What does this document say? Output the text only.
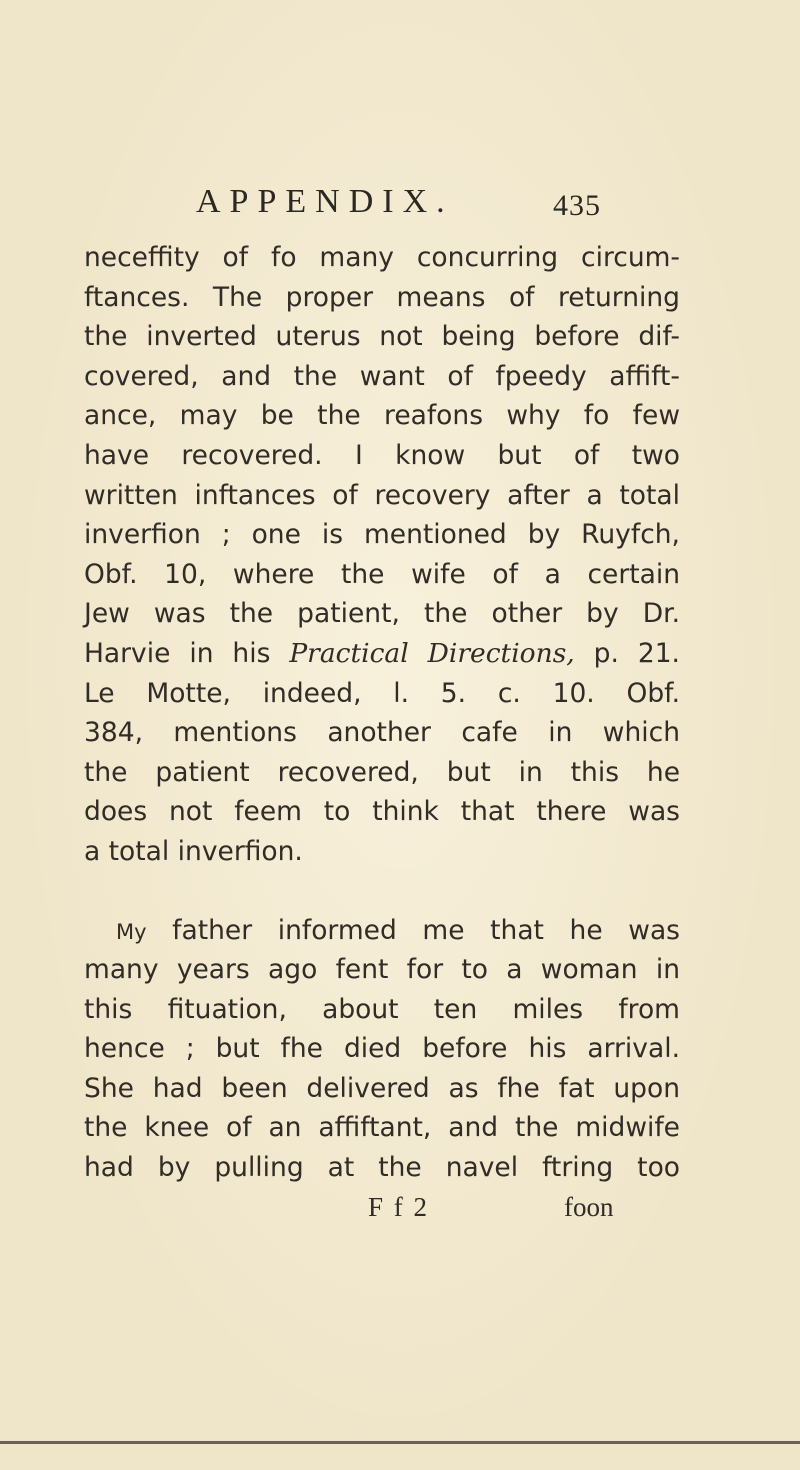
APPENDIX.	435
neceffity of fo many concurring circum-
ftances. The proper means of returning
the inverted uterus not being before dif-
covered, and the want of fpeedy affift-
ance, may be the reafons why fo few
have recovered. I know but of two
written inftances of recovery after a total
inverfion ; one is mentioned by Ruyfch,
Obf. 10, where the wife of a certain
Jew was the patient, the other by Dr.
Harvie in his Practical Directions, p. 21.
Le Motte, indeed, l. 5. c. 10. Obf.
384, mentions another cafe in which
the patient recovered, but in this he
does not feem to think that there was
a total inverfion.
My father informed me that he was
many years ago fent for to a woman in
this fituation, about ten miles from
hence ; but fhe died before his arrival.
She had been delivered as fhe fat upon
the knee of an affiftant, and the midwife
had by pulling at the navel ftring too
F f 2	foon
